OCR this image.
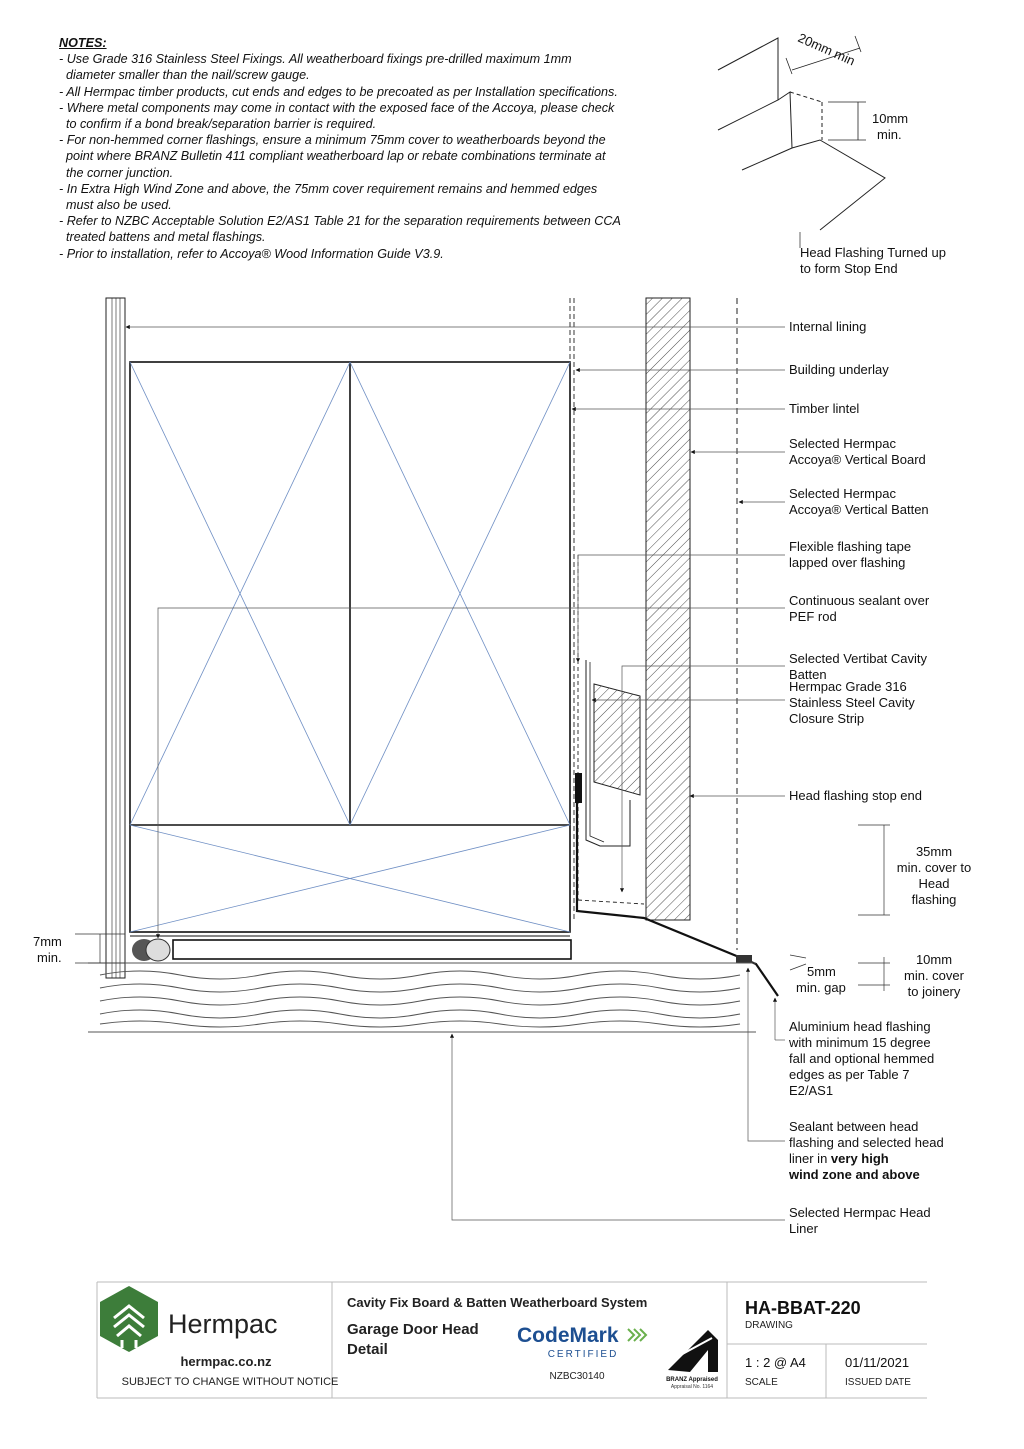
NOTES:
- Use Grade 316 Stainless Steel Fixings. All weatherboard fixings pre-drilled maximum 1mm
diameter smaller than the nail/screw gauge.
- All Hermpac timber products, cut ends and edges to be precoated as per Installation specifications.
- Where metal components may come in contact with the exposed face of the Accoya, please check
to confirm if a bond break/separation barrier is required.
- For non-hemmed corner flashings, ensure a minimum 75mm cover to weatherboards beyond the
point where BRANZ Bulletin 411 compliant weatherboard lap or rebate combinations terminate at
the corner junction.
- In Extra High Wind Zone and above, the 75mm cover requirement remains and hemmed edges
must also be used.
- Refer to NZBC Acceptable Solution E2/AS1 Table 21 for the separation requirements between CCA
treated battens and metal flashings.
- Prior to installation, refer to Accoya® Wood Information Guide V3.9.
20mm min
10mm
min.
Head Flashing Turned up
to form Stop End
Internal lining
Building underlay
Timber lintel
Selected Hermpac
Accoya® Vertical Board
Selected Hermpac
Accoya® Vertical Batten
Flexible flashing tape
lapped over flashing
Continuous sealant over
PEF rod
Selected Vertibat Cavity
Batten
Hermpac Grade 316
Stainless Steel Cavity
Closure Strip
Head flashing stop end
35mm
min. cover to
Head
flashing
7mm
min.
5mm
min. gap
10mm
min. cover
to joinery
Aluminium head flashing
with minimum 15 degree
fall and optional hemmed
edges as per Table 7
E2/AS1
Sealant between head
flashing and selected head
liner in very high
wind zone and above
Selected Hermpac Head
Liner
Hermpac
hermpac.co.nz
SUBJECT TO CHANGE WITHOUT NOTICE
Cavity Fix Board & Batten Weatherboard System
Garage Door Head
Detail
CodeMark
CERTIFIED
NZBC30140	BRANZ Appraised
Appraisal No. 1164
HA-BBAT-220
DRAWING
1 : 2 @ A4
SCALE
01/11/2021
ISSUED DATE
